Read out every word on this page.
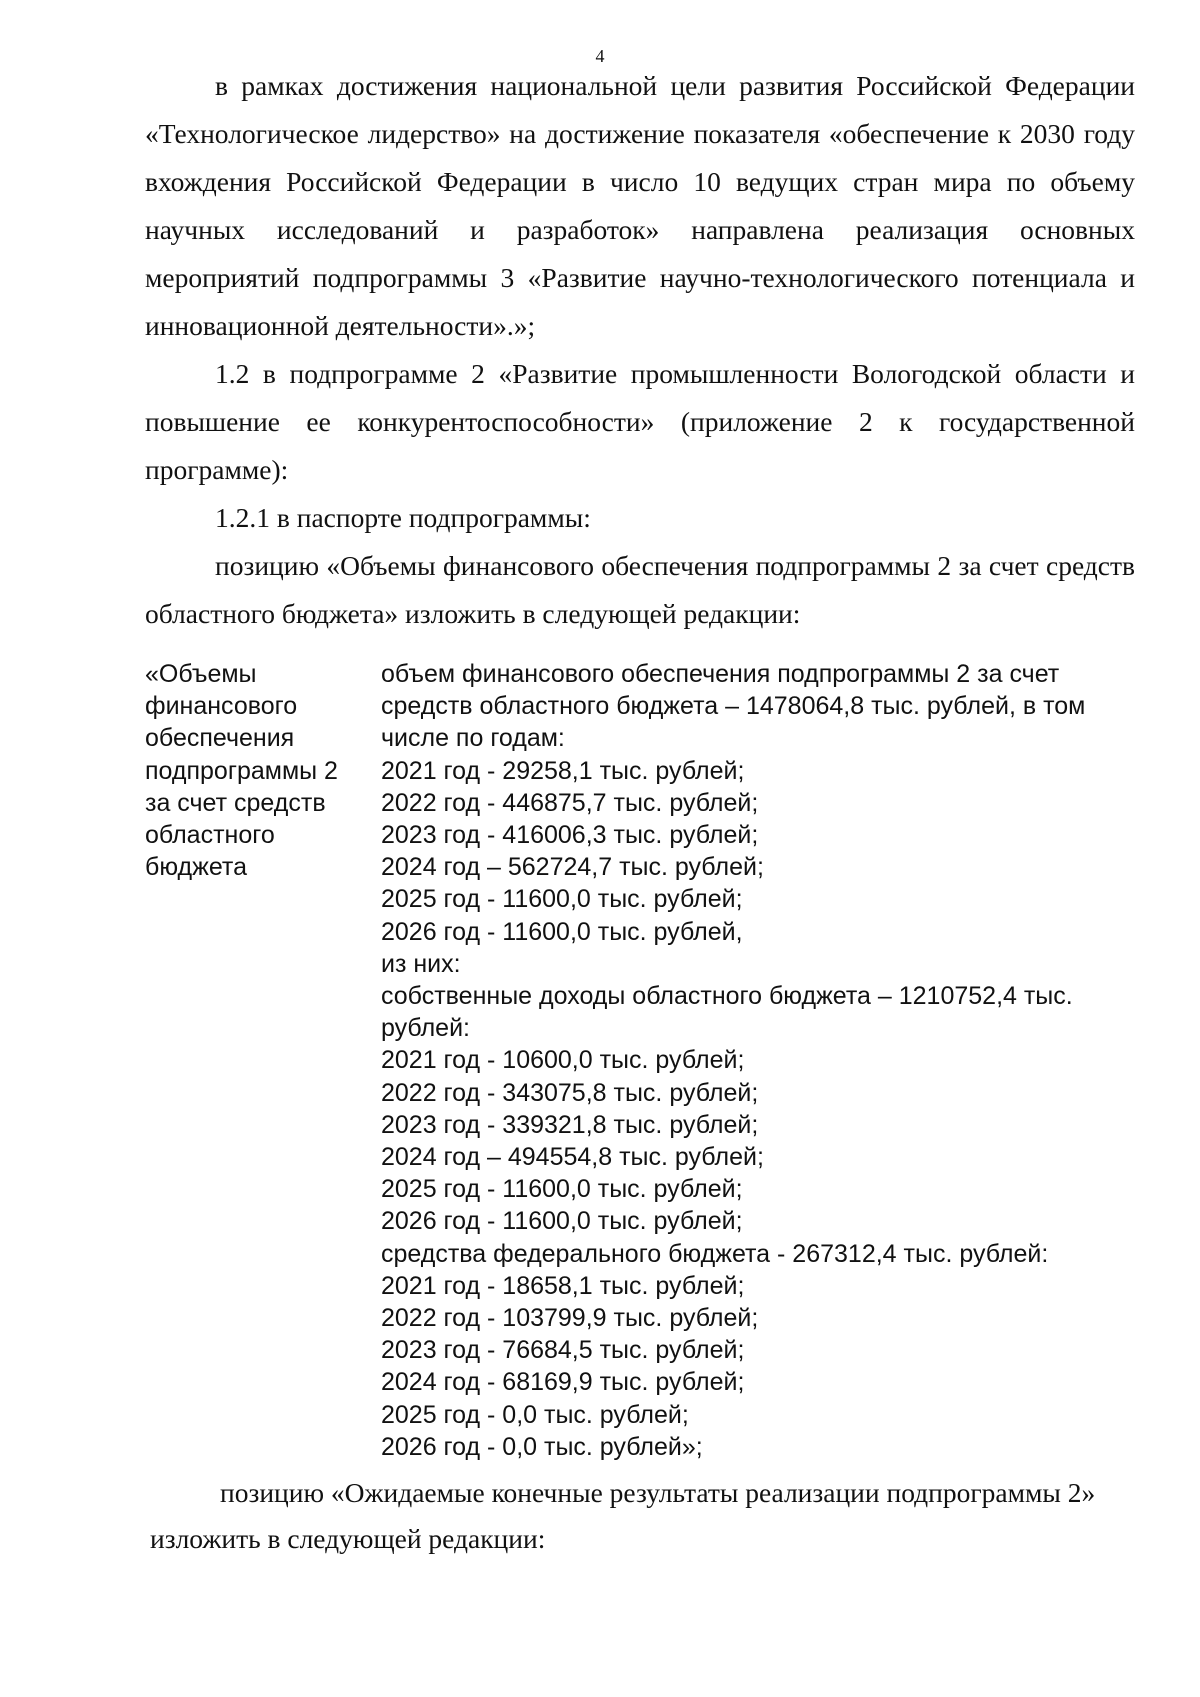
4

в рамках достижения национальной цели развития Российской Федерации «Технологическое лидерство» на достижение показателя «обеспечение к 2030 году вхождения Российской Федерации в число 10 ведущих стран мира по объему научных исследований и разработок» направлена реализация основных мероприятий подпрограммы 3 «Развитие научно-технологического потенциала и инновационной деятельности».»;

1.2 в подпрограмме 2 «Развитие промышленности Вологодской области и повышение ее конкурентоспособности» (приложение 2 к государственной программе):

1.2.1 в паспорте подпрограммы:

позицию «Объемы финансового обеспечения подпрограммы 2 за счет средств областного бюджета» изложить в следующей редакции:

«Объемы
финансового
обеспечения
подпрограммы 2
за счет средств
областного
бюджета
объем финансового обеспечения подпрограммы 2 за счет
средств областного бюджета – 1478064,8 тыс. рублей, в том
числе по годам:
2021 год - 29258,1 тыс. рублей;
2022 год - 446875,7 тыс. рублей;
2023 год - 416006,3 тыс. рублей;
2024 год – 562724,7 тыс. рублей;
2025 год - 11600,0 тыс. рублей;
2026 год - 11600,0 тыс. рублей,
из них:
собственные доходы областного бюджета – 1210752,4 тыс.
рублей:
2021 год - 10600,0 тыс. рублей;
2022 год - 343075,8 тыс. рублей;
2023 год - 339321,8 тыс. рублей;
2024 год – 494554,8 тыс. рублей;
2025 год - 11600,0 тыс. рублей;
2026 год - 11600,0 тыс. рублей;
средства федерального бюджета - 267312,4 тыс. рублей:
2021 год - 18658,1 тыс. рублей;
2022 год - 103799,9 тыс. рублей;
2023 год - 76684,5 тыс. рублей;
2024 год - 68169,9 тыс. рублей;
2025 год - 0,0 тыс. рублей;
2026 год - 0,0 тыс. рублей»;

позицию «Ожидаемые конечные результаты реализации подпрограммы 2»

изложить в следующей редакции:
